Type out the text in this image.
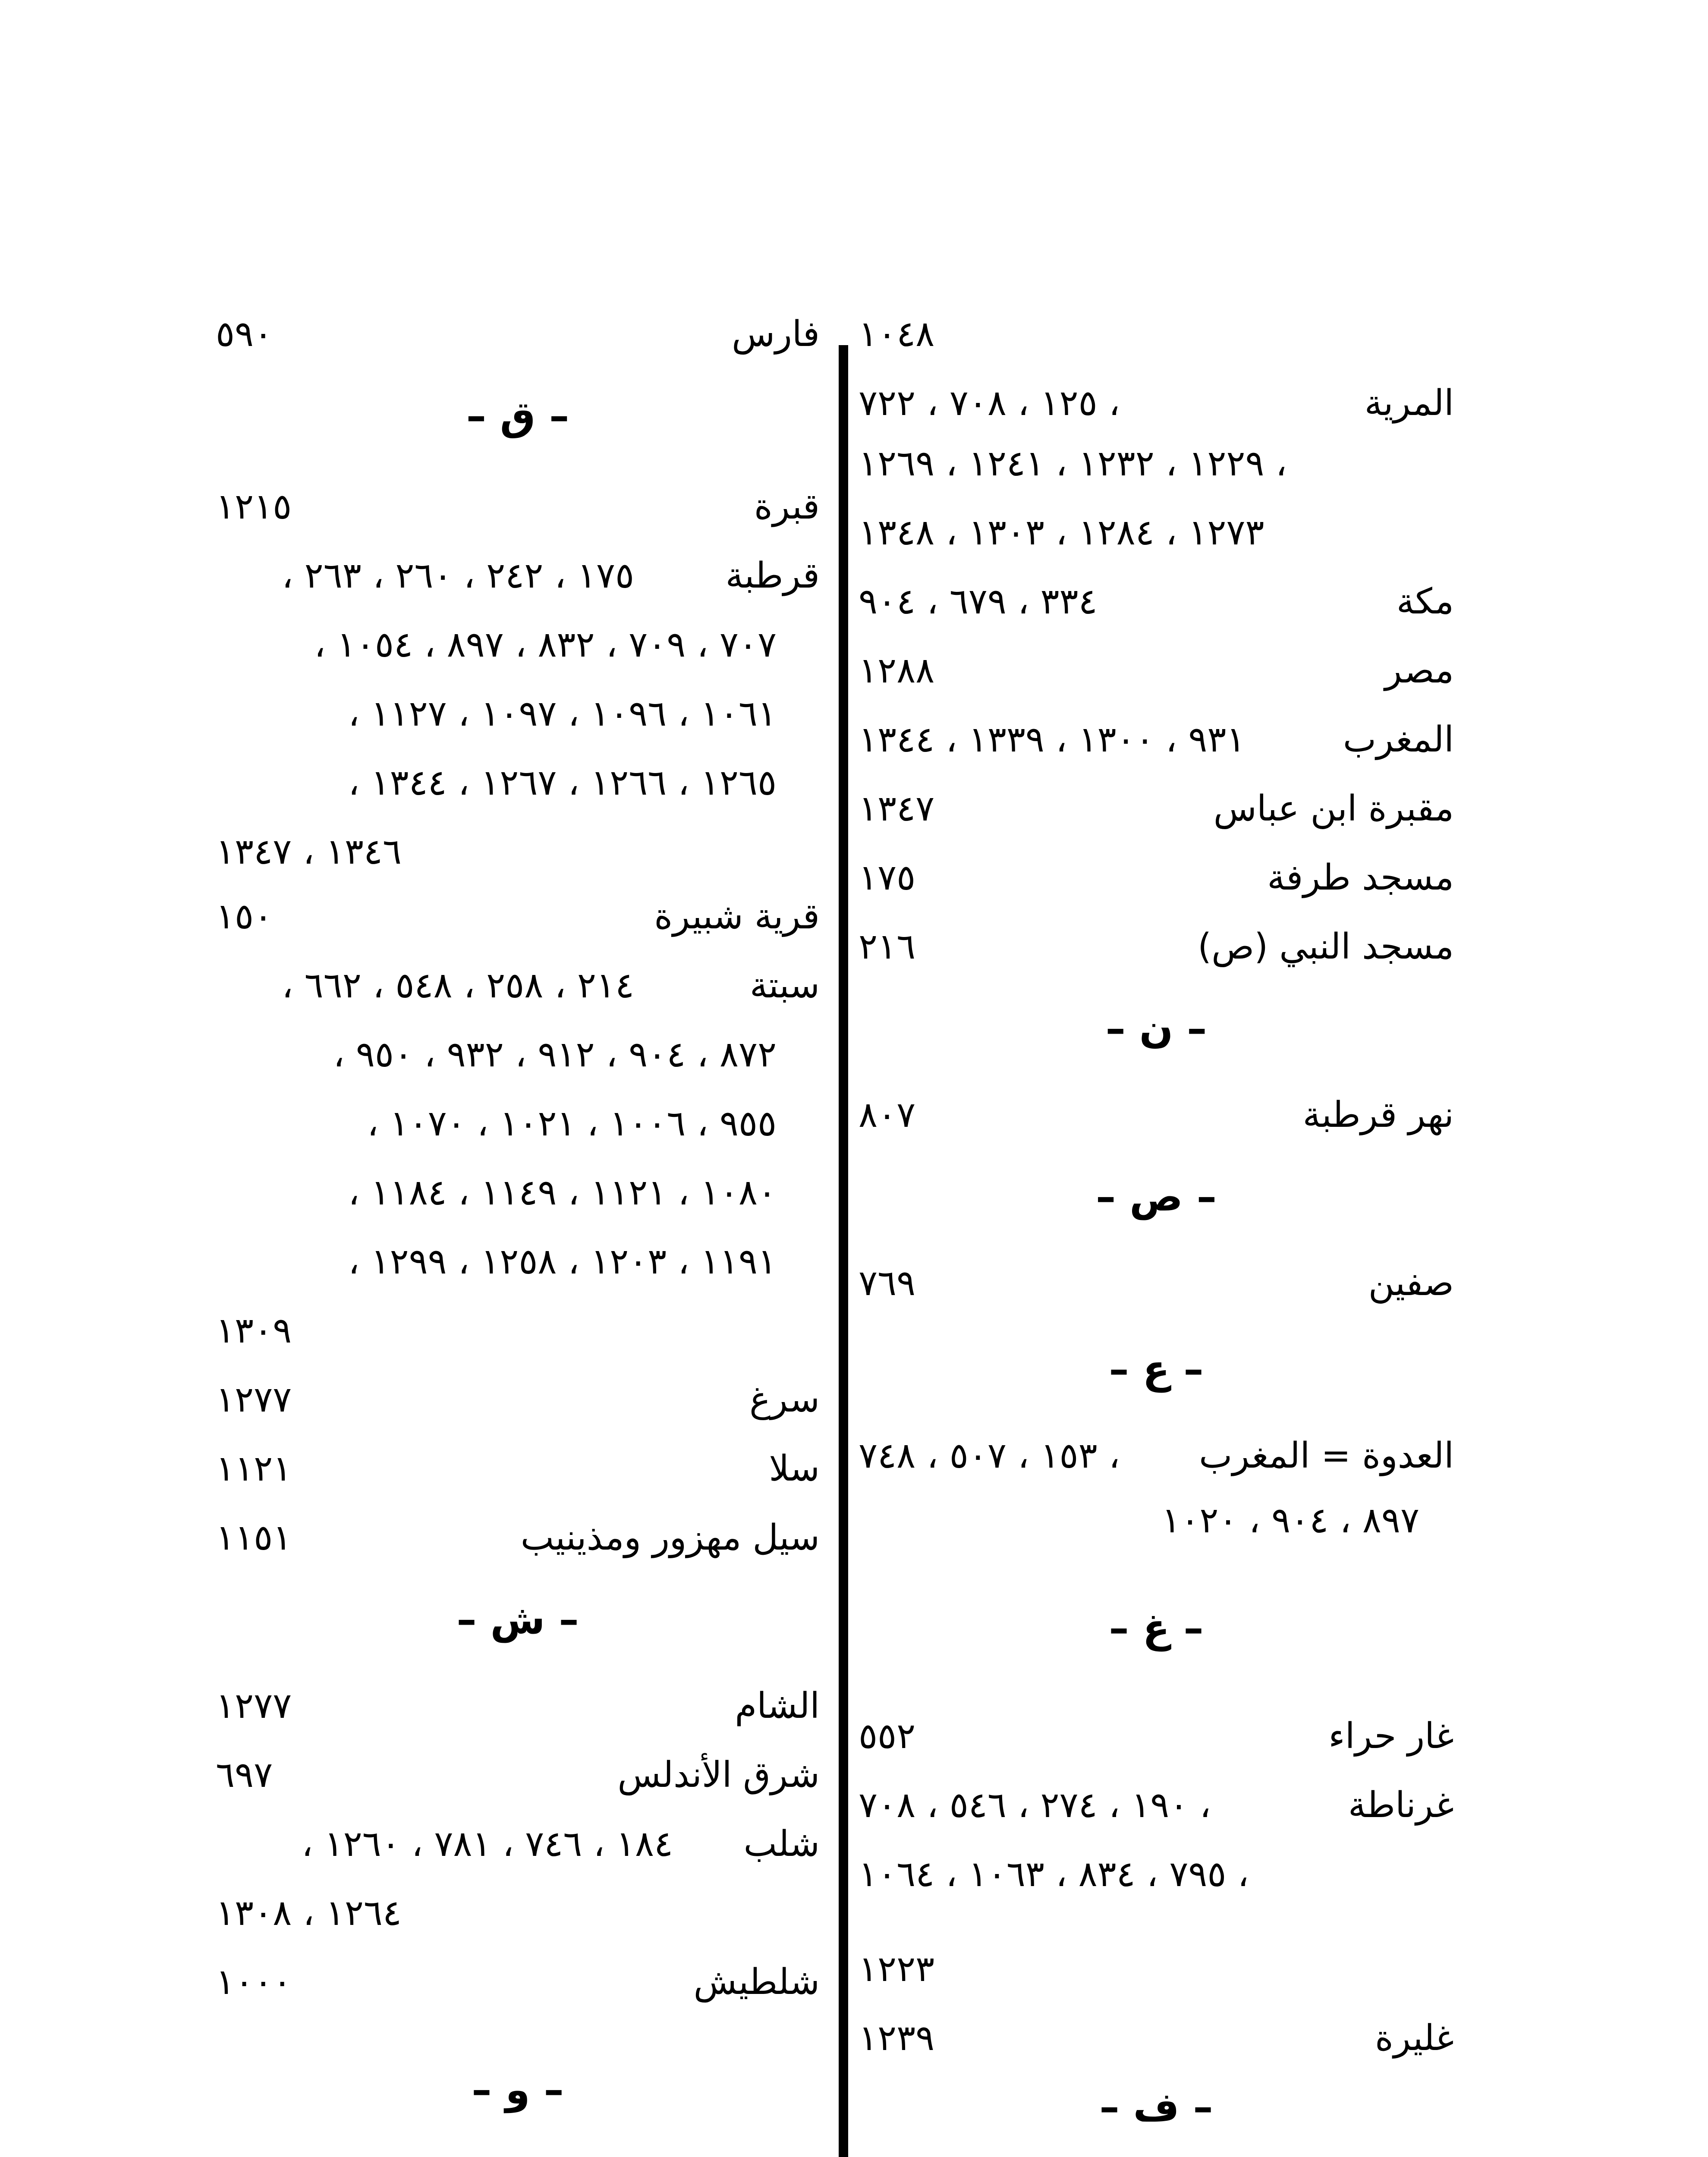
١٠٤٨
المرية
١٢٥ ، ٧٠٨ ، ٧٢٢ ،
١٢٢٩ ، ١٢٣٢ ، ١٢٤١ ، ١٢٦٩ ،
١٢٧٣ ، ١٢٨٤ ، ١٣٠٣ ، ١٣٤٨
مكة
٣٣٤ ، ٦٧٩ ، ٩٠٤
مصر
١٢٨٨
المغرب
٩٣١ ، ١٣٠٠ ، ١٣٣٩ ، ١٣٤٤
مقبرة ابن عباس
١٣٤٧
مسجد طرفة
١٧٥
مسجد النبي (ص)
٢١٦
– ن –
نهر قرطبة
٨٠٧
– ص –
صفين
٧٦٩
– ع –
العدوة = المغرب
١٥٣ ، ٥٠٧ ، ٧٤٨ ،
٨٩٧ ، ٩٠٤ ، ١٠٢٠
– غ –
غار حراء
٥٥٢
غرناطة
١٩٠ ، ٢٧٤ ، ٥٤٦ ، ٧٠٨ ،
٧٩٥ ، ٨٣٤ ، ١٠٦٣ ، ١٠٦٤ ،
١٢٢٣
غليرة
١٢٣٩
– ف –
فارس
٥٩٠
– ق –
قبرة
١٢١٥
قرطبة
١٧٥ ، ٢٤٢ ، ٢٦٠ ، ٢٦٣ ،
٧٠٧ ، ٧٠٩ ، ٨٣٢ ، ٨٩٧ ، ١٠٥٤ ،
١٠٦١ ، ١٠٩٦ ، ١٠٩٧ ، ١١٢٧ ،
١٢٦٥ ، ١٢٦٦ ، ١٢٦٧ ، ١٣٤٤ ،
١٣٤٦ ، ١٣٤٧
قرية شبيرة
١٥٠
سبتة
٢١٤ ، ٢٥٨ ، ٥٤٨ ، ٦٦٢ ،
٨٧٢ ، ٩٠٤ ، ٩١٢ ، ٩٣٢ ، ٩٥٠ ،
٩٥٥ ، ١٠٠٦ ، ١٠٢١ ، ١٠٧٠ ،
١٠٨٠ ، ١١٢١ ، ١١٤٩ ، ١١٨٤ ،
١١٩١ ، ١٢٠٣ ، ١٢٥٨ ، ١٢٩٩ ،
١٣٠٩
سرغ
١٢٧٧
سلا
١١٢١
سيل مهزور ومذينيب
١١٥١
– ش –
الشام
١٢٧٧
شرق الأندلس
٦٩٧
شلب
١٨٤ ، ٧٤٦ ، ٧٨١ ، ١٢٦٠ ،
١٢٦٤ ، ١٣٠٨
شلطيش
١٠٠٠
– و –
